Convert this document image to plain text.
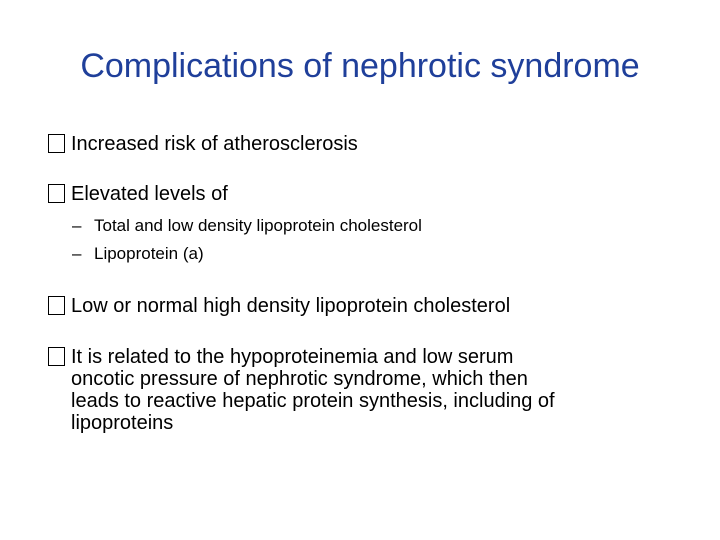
Complications of nephrotic syndrome
Increased risk of atherosclerosis
Elevated levels of
– Total and low density lipoprotein cholesterol
– Lipoprotein (a)
Low or normal high density lipoprotein cholesterol
It is related to the hypoproteinemia and low serum
oncotic pressure of nephrotic syndrome, which then
leads to reactive hepatic protein synthesis, including of
lipoproteins
